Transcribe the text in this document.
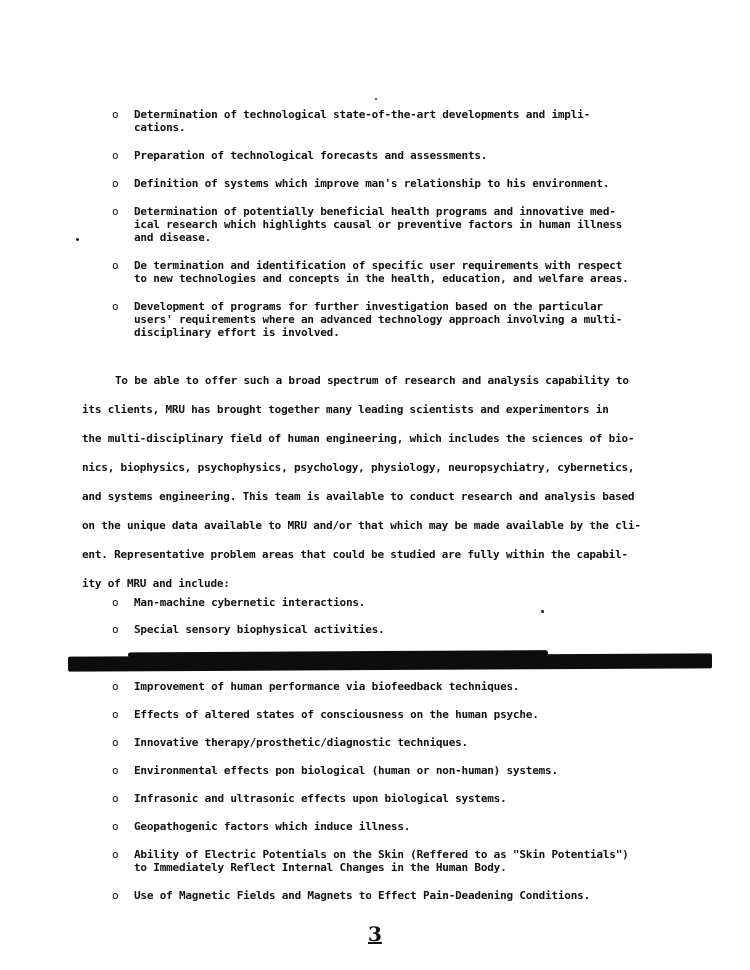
o Determination of technological state-of-the-art developments and impli-
cations.
o Preparation of technological forecasts and assessments.
o Definition of systems which improve man's relationship to his environment.
o Determination of potentially beneficial health programs and innovative med-
ical research which highlights causal or preventive factors in human illness
and disease.
o De termination and identification of specific user requirements with respect
to new technologies and concepts in the health, education, and welfare areas.
o Development of programs for further investigation based on the particular
users' requirements where an advanced technology approach involving a multi-
disciplinary effort is involved.

To be able to offer such a broad spectrum of research and analysis capability to
its clients, MRU has brought together many leading scientists and experimentors in
the multi-disciplinary field of human engineering, which includes the sciences of bio-
nics, biophysics, psychophysics, psychology, physiology, neuropsychiatry, cybernetics,
and systems engineering. This team is available to conduct research and analysis based
on the unique data available to MRU and/or that which may be made available by the cli-
ent. Representative problem areas that could be studied are fully within the capabil-
ity of MRU and include:

o Man-machine cybernetic interactions.
o Special sensory biophysical activities.
o Improvement of human performance via biofeedback techniques.
o Effects of altered states of consciousness on the human psyche.
o Innovative therapy/prosthetic/diagnostic techniques.
o Environmental effects pon biological (human or non-human) systems.
o Infrasonic and ultrasonic effects upon biological systems.
o Geopathogenic factors which induce illness.
o Ability of Electric Potentials on the Skin (Reffered to as "Skin Potentials")
to Immediately Reflect Internal Changes in the Human Body.
o Use of Magnetic Fields and Magnets to Effect Pain-Deadening Conditions.
3
